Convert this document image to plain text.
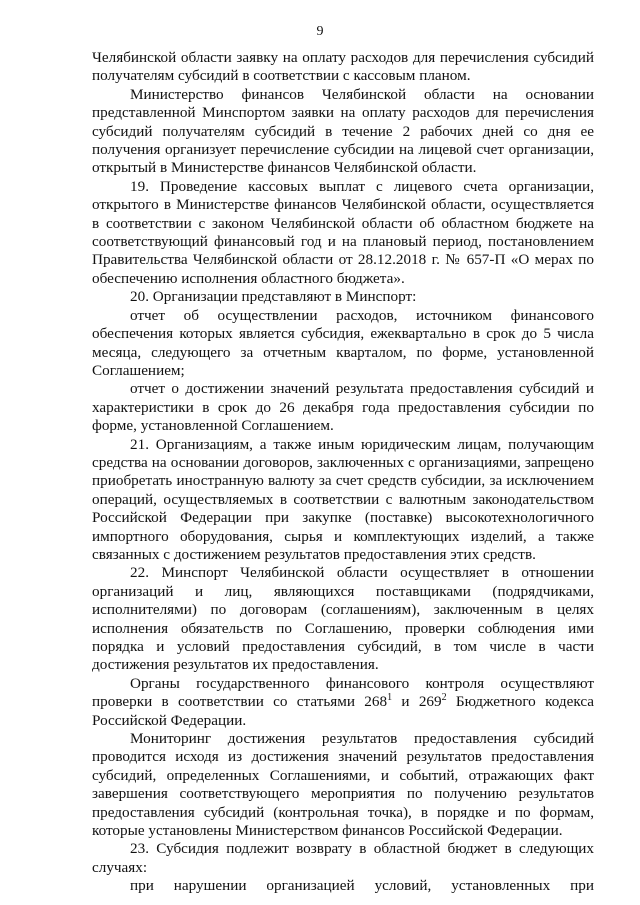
9

Челябинской области заявку на оплату расходов для перечисления субсидий получателям субсидий в соответствии с кассовым планом.

Министерство финансов Челябинской области на основании представленной Минспортом заявки на оплату расходов для перечисления субсидий получателям субсидий в течение 2 рабочих дней со дня ее получения организует перечисление субсидии на лицевой счет организации, открытый в Министерстве финансов Челябинской области.

19. Проведение кассовых выплат с лицевого счета организации, открытого в Министерстве финансов Челябинской области, осуществляется в соответствии с законом Челябинской области об областном бюджете на соответствующий финансовый год и на плановый период, постановлением Правительства Челябинской области от 28.12.2018 г. № 657-П «О мерах по обеспечению исполнения областного бюджета».

20. Организации представляют в Минспорт:

отчет об осуществлении расходов, источником финансового обеспечения которых является субсидия, ежеквартально в срок до 5 числа месяца, следующего за отчетным кварталом, по форме, установленной Соглашением;

отчет о достижении значений результата предоставления субсидий и характеристики в срок до 26 декабря года предоставления субсидии по форме, установленной Соглашением.

21. Организациям, а также иным юридическим лицам, получающим средства на основании договоров, заключенных с организациями, запрещено приобретать иностранную валюту за счет средств субсидии, за исключением операций, осуществляемых в соответствии с валютным законодательством Российской Федерации при закупке (поставке) высокотехнологичного импортного оборудования, сырья и комплектующих изделий, а также связанных с достижением результатов предоставления этих средств.

22. Минспорт Челябинской области осуществляет в отношении организаций и лиц, являющихся поставщиками (подрядчиками, исполнителями) по договорам (соглашениям), заключенным в целях исполнения обязательств по Соглашению, проверки соблюдения ими порядка и условий предоставления субсидий, в том числе в части достижения результатов их предоставления.

Органы государственного финансового контроля осуществляют проверки в соответствии со статьями $268^1$ и $269^2$ Бюджетного кодекса Российской Федерации.

Мониторинг достижения результатов предоставления субсидий проводится исходя из достижения значений результатов предоставления субсидий, определенных Соглашениями, и событий, отражающих факт завершения соответствующего мероприятия по получению результатов предоставления субсидий (контрольная точка), в порядке и по формам, которые установлены Министерством финансов Российской Федерации.

23. Субсидия подлежит возврату в областной бюджет в следующих случаях:

при нарушении организацией условий, установленных при
